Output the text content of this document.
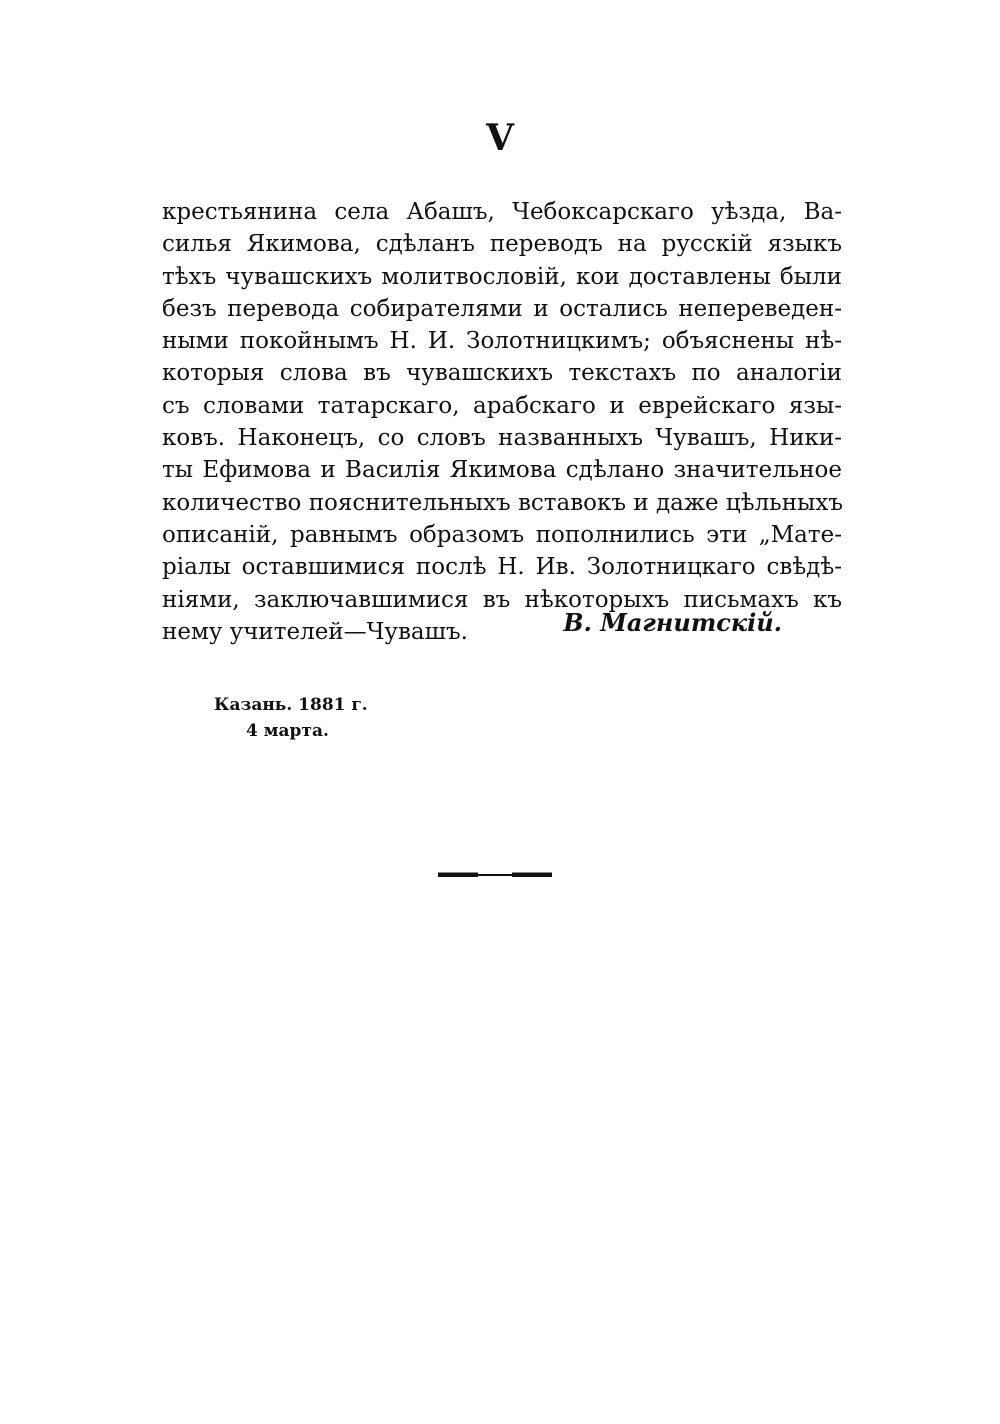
V
крестьянина села Абашъ, Чебоксарскаго уѣзда, Ва-
силья Якимова, сдѣланъ переводъ на русскій языкъ
тѣхъ чувашскихъ молитвословій, кои доставлены были
безъ перевода собирателями и остались непереведен-
ными покойнымъ Н. И. Золотницкимъ; объяснены нѣ-
которыя слова въ чувашскихъ текстахъ по аналогіи
съ словами татарскаго, арабскаго и еврейскаго язы-
ковъ. Наконецъ, со словъ названныхъ Чувашъ, Ники-
ты Ефимова и Василія Якимова сдѣлано значительное
количество пояснительныхъ вставокъ и даже цѣльныхъ
описаній, равнымъ образомъ пополнились эти „Мате-
ріалы оставшимися послѣ Н. Ив. Золотницкаго свѣдѣ-
ніями, заключавшимися въ нѣкоторыхъ письмахъ къ
нему учителей—Чувашъ.	В. Магнитскій.
Казань. 1881 г.
4 марта.
